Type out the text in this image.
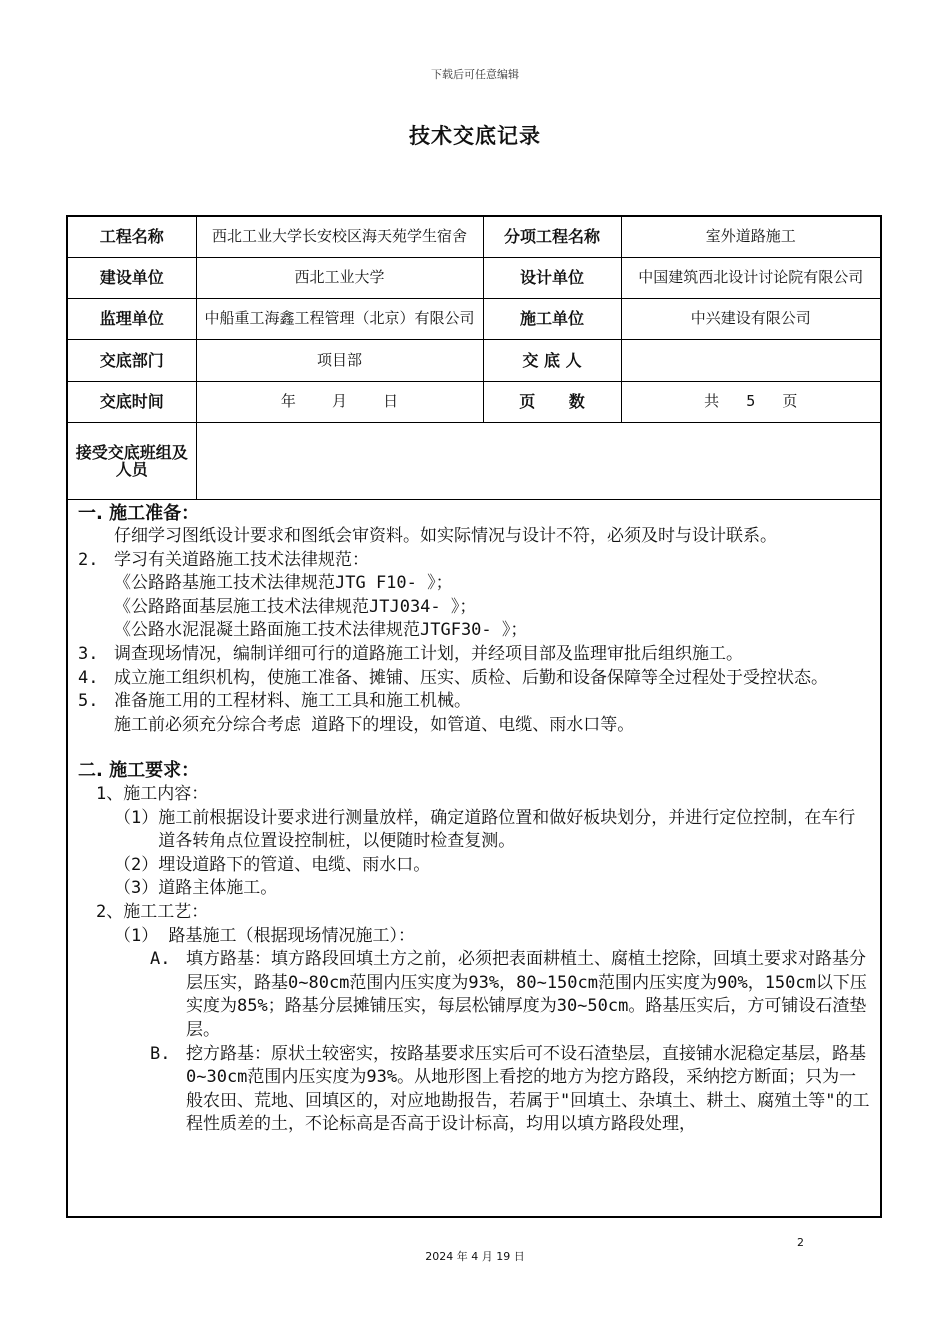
下载后可任意编辑
技术交底记录
工程名称	西北工业大学长安校区海天苑学生宿舍	分项工程名称	室外道路施工
建设单位	西北工业大学	设计单位	中国建筑西北设计讨论院有限公司
监理单位	中船重工海鑫工程管理（北京）有限公司	施工单位	中兴建设有限公司
交底部门	项目部	交 底 人	
交底时间	年    月    日	页      数	共   5   页
接受交底班组及人员			

一. 施工准备：

仔细学习图纸设计要求和图纸会审资料。如实际情况与设计不符，必须及时与设计联系。

2. 学习有关道路施工技术法律规范：

《公路路基施工技术法律规范JTG F10- 》；

《公路路面基层施工技术法律规范JTJ034- 》；

《公路水泥混凝土路面施工技术法律规范JTGF30- 》；

3. 调查现场情况，编制详细可行的道路施工计划，并经项目部及监理审批后组织施工。
4. 成立施工组织机构，使施工准备、摊铺、压实、质检、后勤和设备保障等全过程处于受控状态。
5. 准备施工用的工程材料、施工工具和施工机械。

施工前必须充分综合考虑 道路下的埋设，如管道、电缆、雨水口等。

二. 施工要求：

1、施工内容：

（1） 施工前根据设计要求进行测量放样，确定道路位置和做好板块划分，并进行定位控制，在车行道各转角点位置设控制桩，以便随时检查复测。

（2）埋设道路下的管道、电缆、雨水口。

（3）道路主体施工。

2、施工工艺：

（1） 路基施工（根据现场情况施工）：

A. 填方路基：填方路段回填土方之前，必须把表面耕植土、腐植土挖除，回填土要求对路基分层压实，路基0~80cm范围内压实度为93%，80~150cm范围内压实度为90%，150cm以下压实度为85%；路基分层摊铺压实，每层松铺厚度为30~50cm。路基压实后，方可铺设石渣垫层。
B. 挖方路基：原状土较密实，按路基要求压实后可不设石渣垫层，直接铺水泥稳定基层，路基0~30cm范围内压实度为93%。从地形图上看挖的地方为挖方路段，采纳挖方断面；只为一般农田、荒地、回填区的，对应地勘报告，若属于"回填土、杂填土、耕土、腐殖土等"的工程性质差的土，不论标高是否高于设计标高，均用以填方路段处理，
2
2024 年 4 月 19 日
